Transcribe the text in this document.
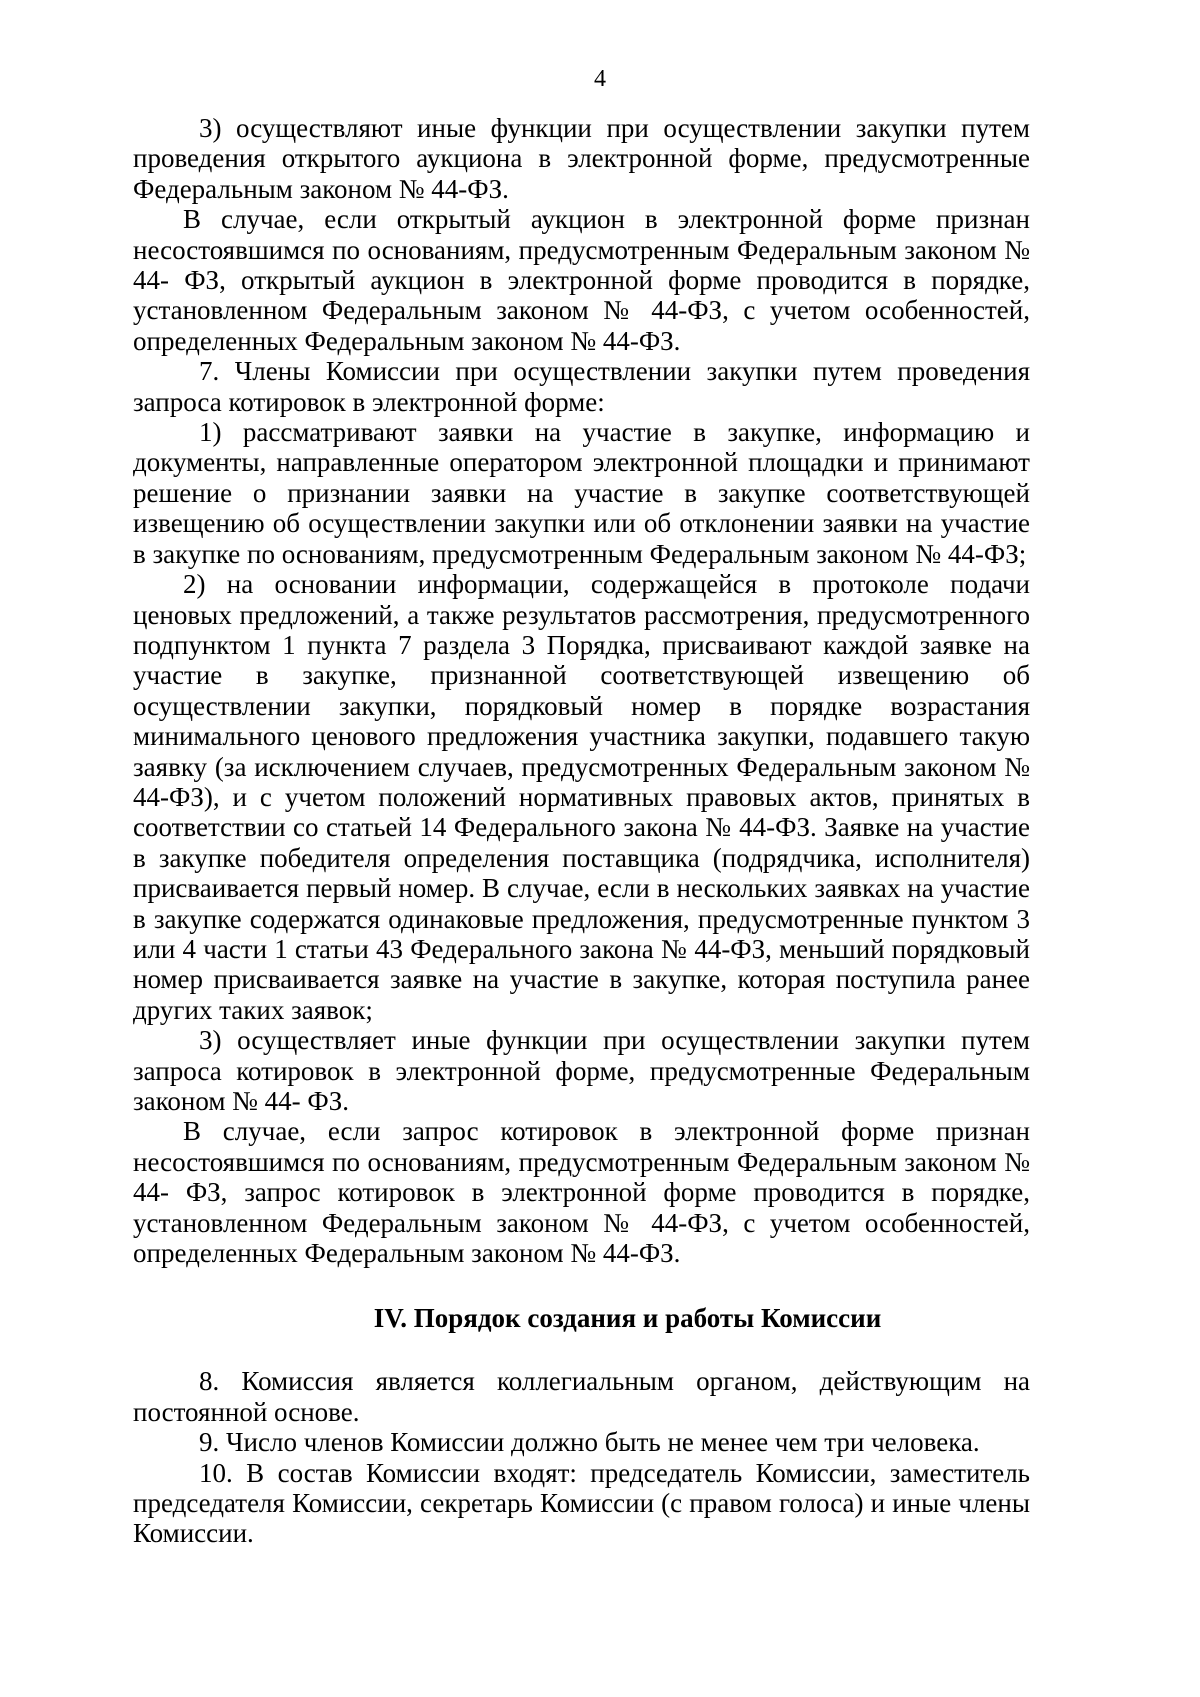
4

3) осуществляют иные функции при осуществлении закупки путем проведения открытого аукциона в электронной форме, предусмотренные Федеральным законом № 44-ФЗ.

В случае, если открытый аукцион в электронной форме признан несостоявшимся по основаниям, предусмотренным Федеральным законом № 44- ФЗ, открытый аукцион в электронной форме проводится в порядке, установленном Федеральным законом № 44-ФЗ, с учетом особенностей, определенных Федеральным законом № 44-ФЗ.

7. Члены Комиссии при осуществлении закупки путем проведения запроса котировок в электронной форме:

1) рассматривают заявки на участие в закупке, информацию и документы, направленные оператором электронной площадки и принимают решение о признании заявки на участие в закупке соответствующей извещению об осуществлении закупки или об отклонении заявки на участие в закупке по основаниям, предусмотренным Федеральным законом № 44-ФЗ;

2) на основании информации, содержащейся в протоколе подачи ценовых предложений, а также результатов рассмотрения, предусмотренного подпунктом 1 пункта 7 раздела 3 Порядка, присваивают каждой заявке на участие в закупке, признанной соответствующей извещению об осуществлении закупки, порядковый номер в порядке возрастания минимального ценового предложения участника закупки, подавшего такую заявку (за исключением случаев, предусмотренных Федеральным законом № 44-ФЗ), и с учетом положений нормативных правовых актов, принятых в соответствии со статьей 14 Федерального закона № 44-ФЗ. Заявке на участие в закупке победителя определения поставщика (подрядчика, исполнителя) присваивается первый номер. В случае, если в нескольких заявках на участие в закупке содержатся одинаковые предложения, предусмотренные пунктом 3 или 4 части 1 статьи 43 Федерального закона № 44-ФЗ, меньший порядковый номер присваивается заявке на участие в закупке, которая поступила ранее других таких заявок;

3) осуществляет иные функции при осуществлении закупки путем запроса котировок в электронной форме, предусмотренные Федеральным законом № 44- ФЗ.

В случае, если запрос котировок в электронной форме признан несостоявшимся по основаниям, предусмотренным Федеральным законом № 44- ФЗ, запрос котировок в электронной форме проводится в порядке, установленном Федеральным законом № 44-ФЗ, с учетом особенностей, определенных Федеральным законом № 44-ФЗ.

IV. Порядок создания и работы Комиссии

8. Комиссия является коллегиальным органом, действующим на постоянной основе.

9. Число членов Комиссии должно быть не менее чем три человека.

10. В состав Комиссии входят: председатель Комиссии, заместитель председателя Комиссии, секретарь Комиссии (с правом голоса) и иные члены Комиссии.
